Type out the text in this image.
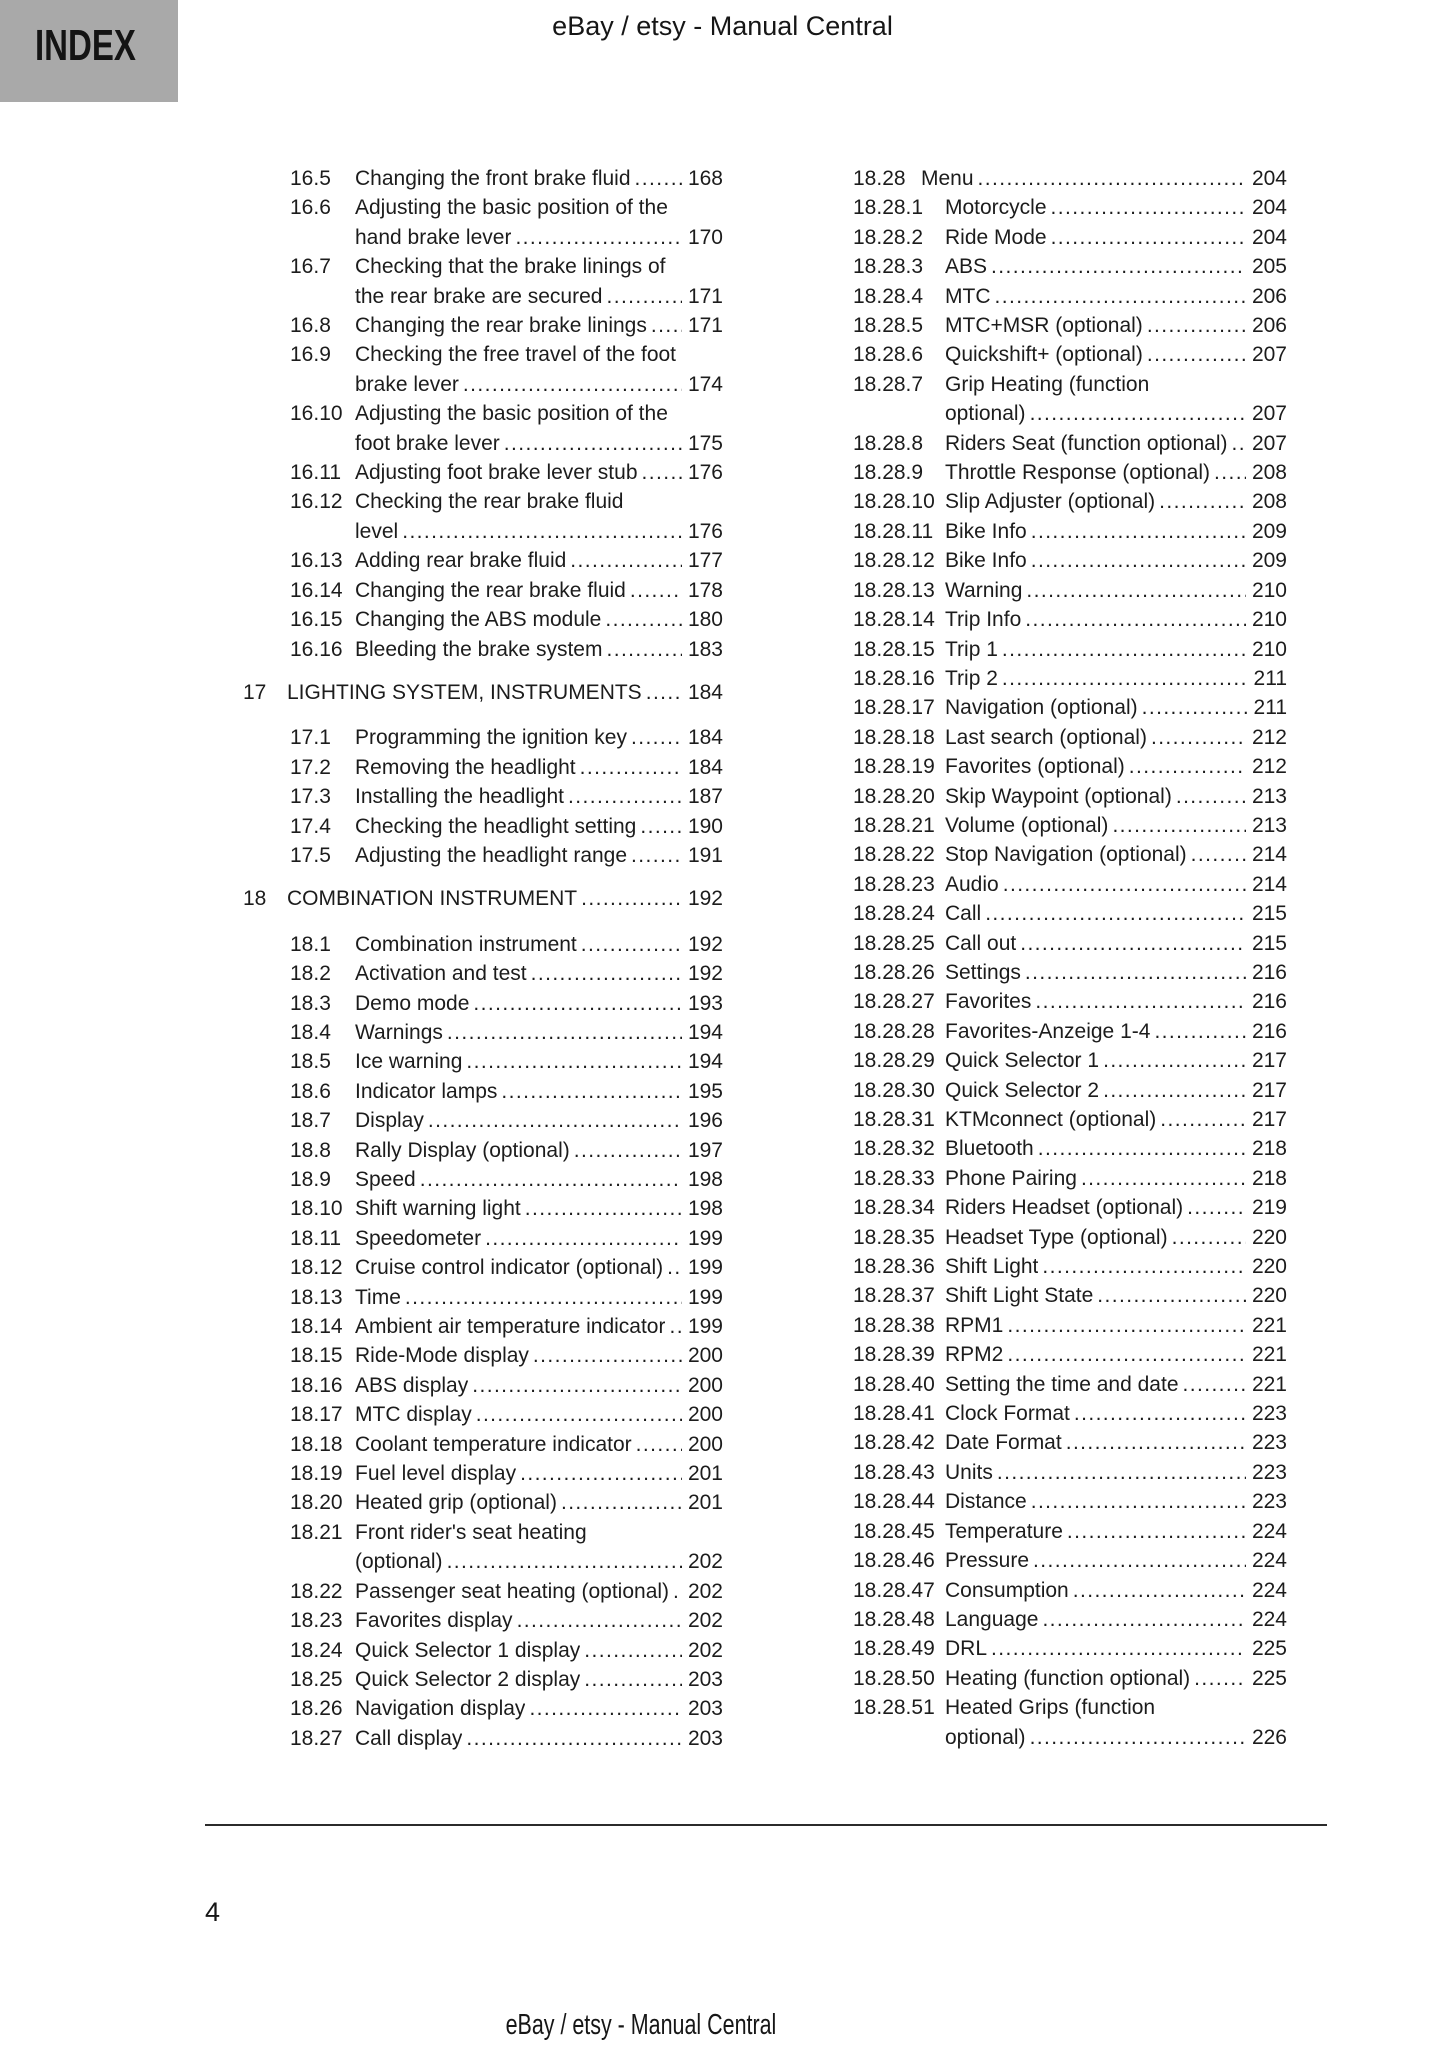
INDEX	eBay / etsy - Manual Central
16.5	Changing the front brake fluid .....	168
16.6	Adjusting the basic position of the
hand brake lever .....	170
16.7	Checking that the brake linings of
the rear brake are secured .....	171
16.8	Changing the rear brake linings ..... 171
16.9	Checking the free travel of the foot
brake lever .....	174
16.10 Adjusting the basic position of the
foot brake lever .....	175
16.11 Adjusting foot brake lever stub ..... 176
16.12 Checking the rear brake fluid
level .....	176
16.13 Adding rear brake fluid .....	177
16.14 Changing the rear brake fluid .....	178
16.15 Changing the ABS module .....	180
16.16 Bleeding the brake system .....	183
17 LIGHTING SYSTEM, INSTRUMENTS ..... 184
17.1	Programming the ignition key .....	184
17.2	Removing the headlight .....	184
17.3	Installing the headlight .....	187
17.4	Checking the headlight setting ..... 190
17.5	Adjusting the headlight range .....	191
18 COMBINATION INSTRUMENT .....	192
18.1	Combination instrument .....	192
18.2	Activation and test .....	192
18.3	Demo mode .....	193
18.4	Warnings .....	194
18.5	Ice warning .....	194
18.6	Indicator lamps .....	195
18.7	Display .....	196
18.8	Rally Display (optional) .....	197
18.9	Speed .....	198
18.10 Shift warning light .....	198
18.11 Speedometer .....	199
18.12 Cruise control indicator (optional) ..... 199
18.13 Time .....	199
18.14 Ambient air temperature indicator ..... 199
18.15 Ride-Mode display .....	200
18.16 ABS display .....	200
18.17 MTC display .....	200
18.18 Coolant temperature indicator .....	200
18.19 Fuel level display .....	201
18.20 Heated grip (optional) .....	201
18.21 Front rider's seat heating
(optional) .....	202
18.22 Passenger seat heating (optional) ..... 202
18.23 Favorites display .....	202
18.24 Quick Selector 1 display .....	202
18.25 Quick Selector 2 display .....	203
18.26 Navigation display .....	203
18.27 Call display .....	203
18.28 Menu .....	204
18.28.1	Motorcycle .....	204
18.28.2	Ride Mode .....	204
18.28.3	ABS .....	205
18.28.4	MTC .....	206
18.28.5	MTC+MSR (optional) .....	206
18.28.6	Quickshift+ (optional) .....	207
18.28.7	Grip Heating (function
optional) .....	207
18.28.8	Riders Seat (function optional) ..... 207
18.28.9	Throttle Response (optional) ..... 208
18.28.10 Slip Adjuster (optional) .....	208
18.28.11 Bike Info .....	209
18.28.12 Bike Info .....	209
18.28.13 Warning .....	210
18.28.14 Trip Info .....	210
18.28.15 Trip 1 .....	210
18.28.16 Trip 2 .....	211
18.28.17 Navigation (optional) .....	211
18.28.18 Last search (optional) .....	212
18.28.19 Favorites (optional) .....	212
18.28.20 Skip Waypoint (optional) .....	213
18.28.21 Volume (optional) .....	213
18.28.22 Stop Navigation (optional) .....	214
18.28.23 Audio .....	214
18.28.24 Call .....	215
18.28.25 Call out .....	215
18.28.26 Settings .....	216
18.28.27 Favorites .....	216
18.28.28 Favorites-Anzeige 1-4 .....	216
18.28.29 Quick Selector 1 .....	217
18.28.30 Quick Selector 2 .....	217
18.28.31 KTMconnect (optional) .....	217
18.28.32 Bluetooth .....	218
18.28.33 Phone Pairing .....	218
18.28.34 Riders Headset (optional) .....	219
18.28.35 Headset Type (optional) .....	220
18.28.36 Shift Light .....	220
18.28.37 Shift Light State .....	220
18.28.38 RPM1 .....	221
18.28.39 RPM2 .....	221
18.28.40 Setting the time and date .....	221
18.28.41 Clock Format .....	223
18.28.42 Date Format .....	223
18.28.43 Units .....	223
18.28.44 Distance .....	223
18.28.45 Temperature .....	224
18.28.46 Pressure .....	224
18.28.47 Consumption .....	224
18.28.48 Language .....	224
18.28.49 DRL .....	225
18.28.50 Heating (function optional) .....	225
18.28.51 Heated Grips (function
optional) .....	226
4
eBay / etsy - Manual Central
